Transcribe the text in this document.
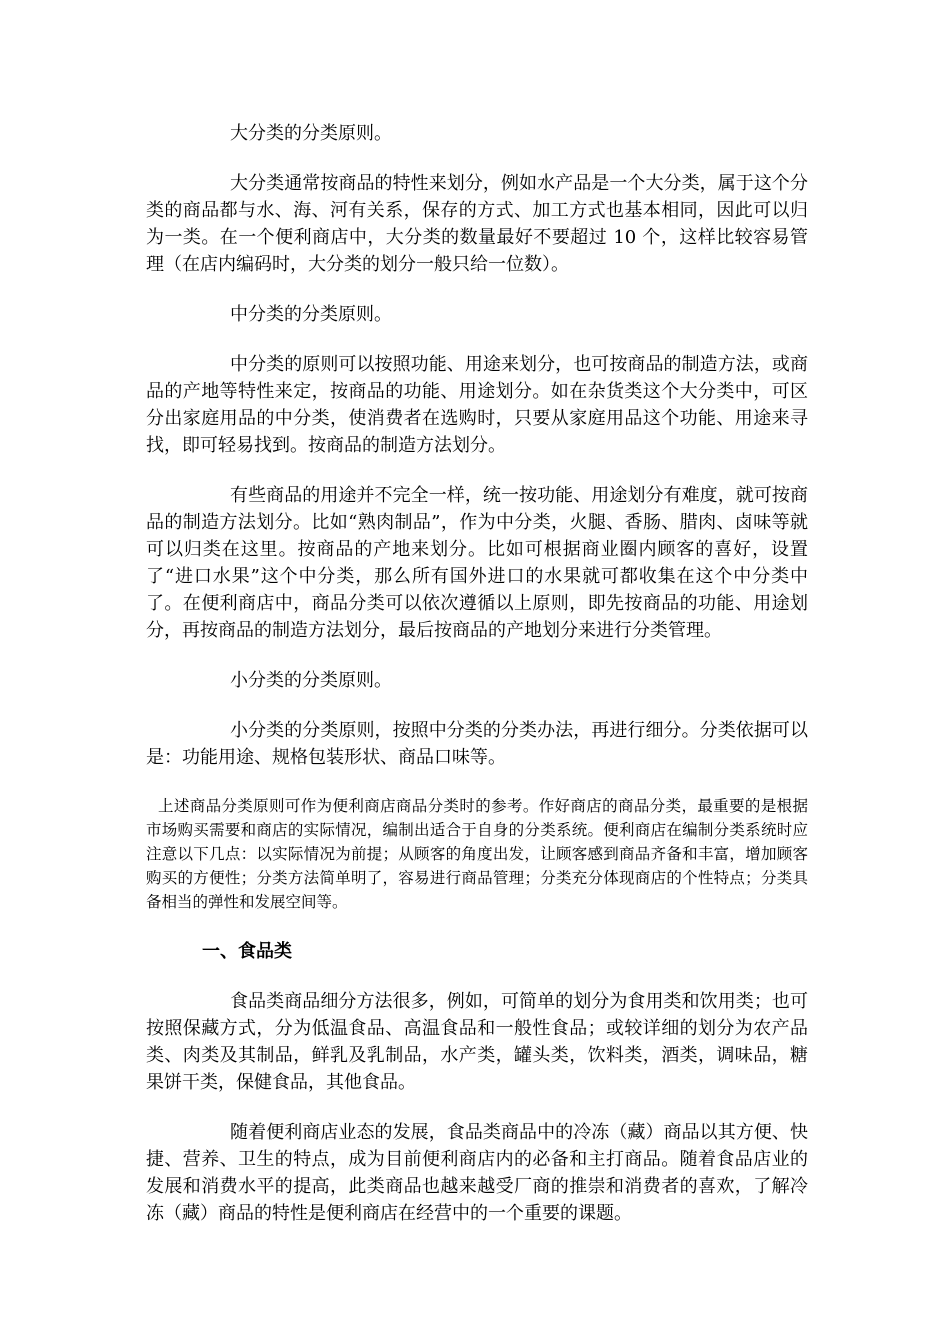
大分类的分类原则。

大分类通常按商品的特性来划分，例如水产品是一个大分类，属于这个分类的商品都与水、海、河有关系，保存的方式、加工方式也基本相同，因此可以归为一类。在一个便利商店中，大分类的数量最好不要超过 10 个，这样比较容易管理（在店内编码时，大分类的划分一般只给一位数）。

中分类的分类原则。

中分类的原则可以按照功能、用途来划分，也可按商品的制造方法，或商品的产地等特性来定，按商品的功能、用途划分。如在杂货类这个大分类中，可区分出家庭用品的中分类，使消费者在选购时，只要从家庭用品这个功能、用途来寻找，即可轻易找到。按商品的制造方法划分。

有些商品的用途并不完全一样，统一按功能、用途划分有难度，就可按商品的制造方法划分。比如“熟肉制品”，作为中分类，火腿、香肠、腊肉、卤味等就可以归类在这里。按商品的产地来划分。比如可根据商业圈内顾客的喜好，设置了“进口水果”这个中分类，那么所有国外进口的水果就可都收集在这个中分类中了。在便利商店中，商品分类可以依次遵循以上原则，即先按商品的功能、用途划分，再按商品的制造方法划分，最后按商品的产地划分来进行分类管理。

小分类的分类原则。

小分类的分类原则，按照中分类的分类办法，再进行细分。分类依据可以是：功能用途、规格包装形状、商品口味等。

上述商品分类原则可作为便利商店商品分类时的参考。作好商店的商品分类，最重要的是根据市场购买需要和商店的实际情况，编制出适合于自身的分类系统。便利商店在编制分类系统时应注意以下几点：以实际情况为前提；从顾客的角度出发，让顾客感到商品齐备和丰富，增加顾客购买的方便性；分类方法简单明了，容易进行商品管理；分类充分体现商店的个性特点；分类具备相当的弹性和发展空间等。

一、食品类

食品类商品细分方法很多，例如，可简单的划分为食用类和饮用类；也可按照保藏方式，分为低温食品、高温食品和一般性食品；或较详细的划分为农产品类、肉类及其制品，鲜乳及乳制品，水产类，罐头类，饮料类，酒类，调味品，糖果饼干类，保健食品，其他食品。

随着便利商店业态的发展，食品类商品中的冷冻（藏）商品以其方便、快捷、营养、卫生的特点，成为目前便利商店内的必备和主打商品。随着食品店业的发展和消费水平的提高，此类商品也越来越受厂商的推崇和消费者的喜欢，了解冷冻（藏）商品的特性是便利商店在经营中的一个重要的课题。
